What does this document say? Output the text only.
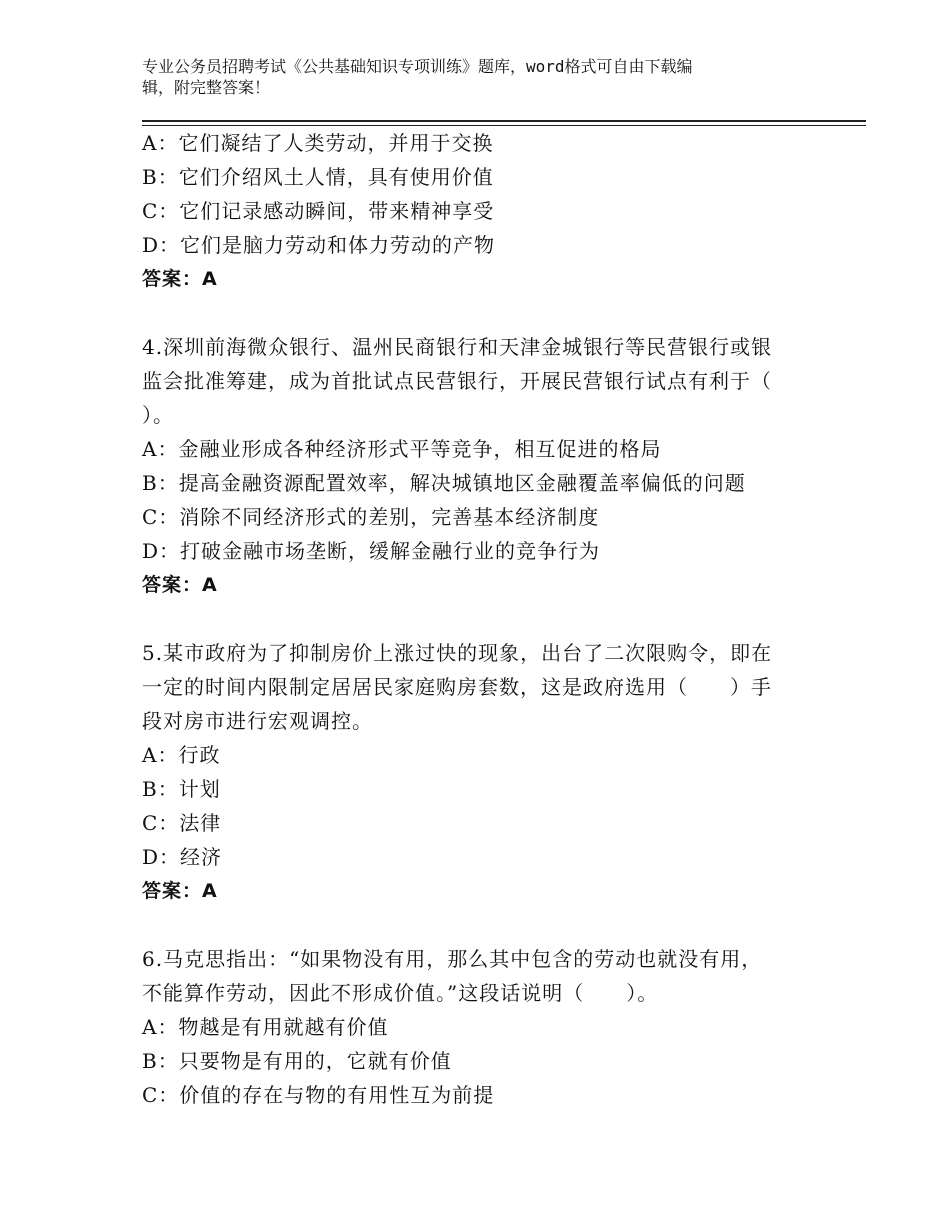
专业公务员招聘考试《公共基础知识专项训练》题库，word格式可自由下载编
辑，附完整答案！
A：它们凝结了人类劳动，并用于交换
B：它们介绍风土人情，具有使用价值
C：它们记录感动瞬间，带来精神享受
D：它们是脑力劳动和体力劳动的产物
答案：A
4.深圳前海微众银行、温州民商银行和天津金城银行等民营银行或银
监会批准筹建，成为首批试点民营银行，开展民营银行试点有利于（
）。
A：金融业形成各种经济形式平等竞争，相互促进的格局
B：提高金融资源配置效率，解决城镇地区金融覆盖率偏低的问题
C：消除不同经济形式的差别，完善基本经济制度
D：打破金融市场垄断，缓解金融行业的竞争行为
答案：A
5.某市政府为了抑制房价上涨过快的现象，出台了二次限购令，即在
一定的时间内限制定居居民家庭购房套数，这是政府选用（　　）手
段对房市进行宏观调控。
A：行政
B：计划
C：法律
D：经济
答案：A
6.马克思指出：“如果物没有用，那么其中包含的劳动也就没有用，
不能算作劳动，因此不形成价值。”这段话说明（　　）。
A：物越是有用就越有价值
B：只要物是有用的，它就有价值
C：价值的存在与物的有用性互为前提
